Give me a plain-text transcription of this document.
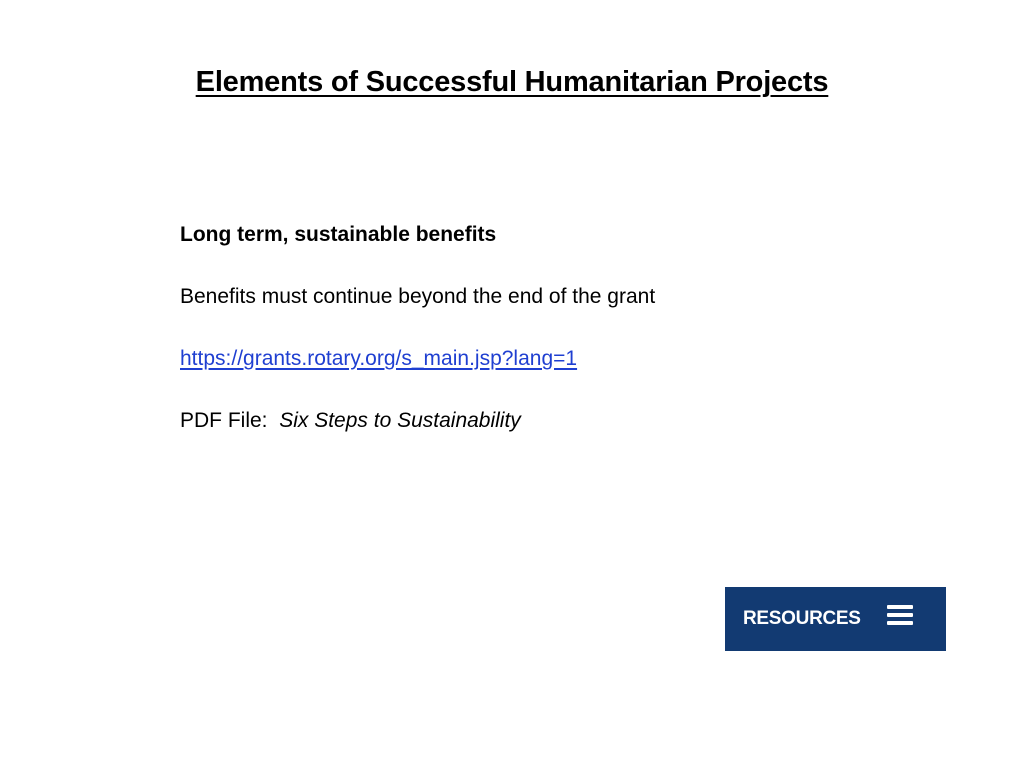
Elements of Successful Humanitarian Projects

Long term, sustainable benefits

Benefits must continue beyond the end of the grant

https://grants.rotary.org/s_main.jsp?lang=1

PDF File: Six Steps to Sustainability

RESOURCES
